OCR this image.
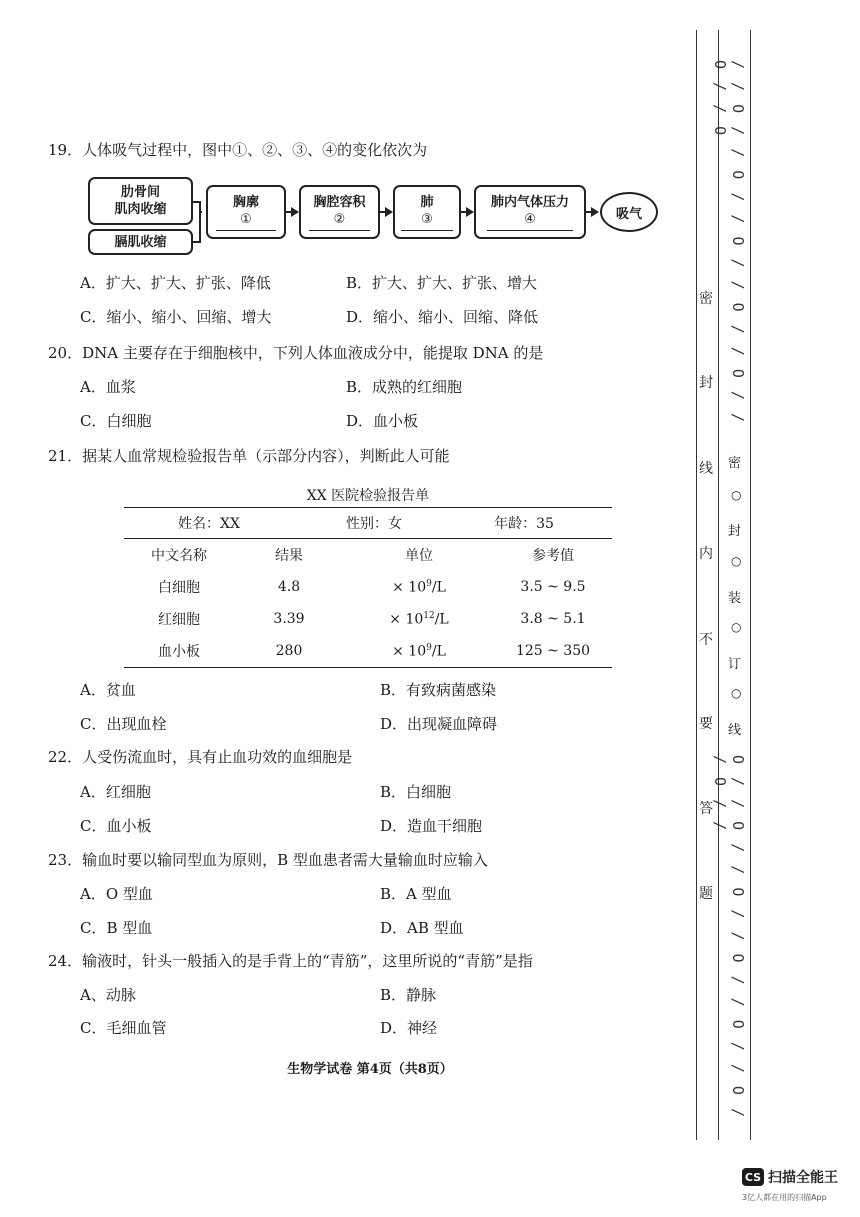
19．人体吸气过程中，图中①、②、③、④的变化依次为
肋骨间
肌肉收缩
膈肌收缩
胸廓
①
胸腔容积
②
肺
③
肺内气体压力
④	吸气
A．扩大、扩大、扩张、降低	B．扩大、扩大、扩张、增大
C．缩小、缩小、回缩、增大	D．缩小、缩小、回缩、降低
20．DNA 主要存在于细胞核中，下列人体血液成分中，能提取 DNA 的是
A．血浆	B．成熟的红细胞
C．白细胞	D．血小板
21．据某人血常规检验报告单（示部分内容），判断此人可能
XX 医院检验报告单
姓名：XX	性别：女	年龄：35
中文名称	结果	单位	参考值
白细胞	4.8	× $10^9/L$	3.5 ~ 9.5
红细胞	3.39	× $10^{12}/L$	3.8 ~ 5.1
血小板	280	× $10^9/L$	125 ~ 350
A．贫血	B．有致病菌感染
C．出现血栓	D．出现凝血障碍
22．人受伤流血时，具有止血功效的血细胞是
A．红细胞	B．白细胞
C．血小板	D．造血干细胞
23．输血时要以输同型血为原则，B 型血患者需大量输血时应输入
A．O 型血	B．A 型血
C．B 型血	D．AB 型血
24．输液时，针头一般插入的是手背上的“青筋”，这里所说的“青筋”是指
A、动脉	B．静脉
C．毛细血管	D．神经
生物学试卷 第4页（共8页）
密
封
线
内
不
要
答
题
/ / O / / O / / O / / O / / O / / O / / O
密
○
封
○
装
○
订
○
线
O / / O / / O / / O / / O / / O / / O / /
CS 扫描全能王
3亿人都在用的扫描App
